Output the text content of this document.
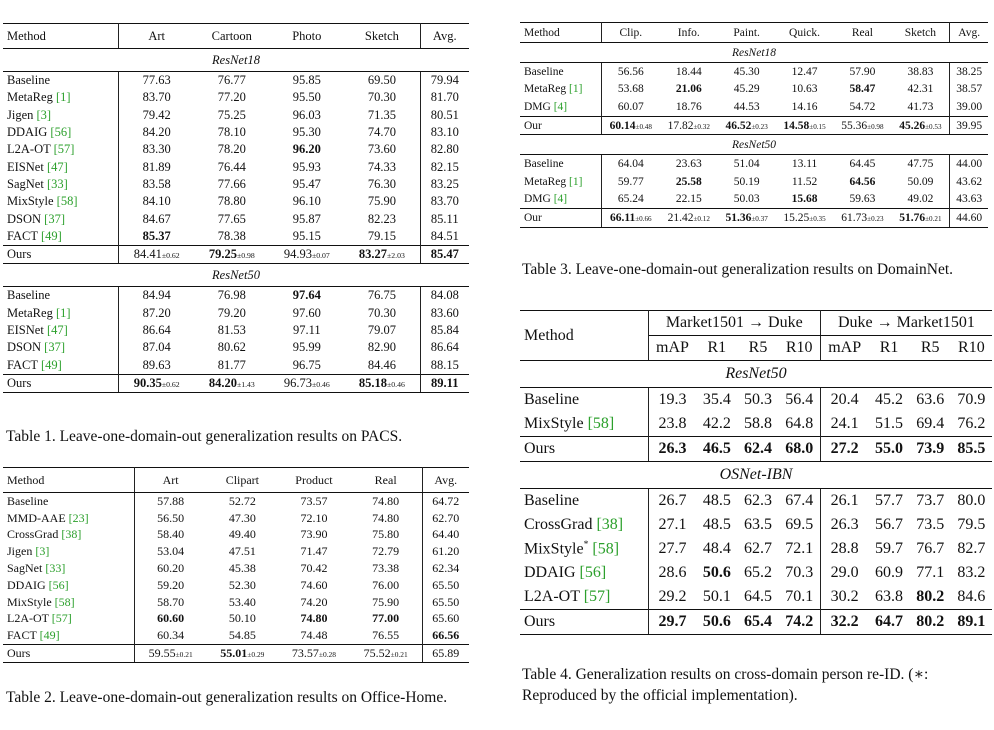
Method	Art	Cartoon	Photo	Sketch	Avg.
ResNet18					
Baseline	77.63	76.77	95.85	69.50	79.94
MetaReg [1]	83.70	77.20	95.50	70.30	81.70
Jigen [3]	79.42	75.25	96.03	71.35	80.51
DDAIG [56]	84.20	78.10	95.30	74.70	83.10
L2A-OT [57]	83.30	78.20	96.20	73.60	82.80
EISNet [47]	81.89	76.44	95.93	74.33	82.15
SagNet [33]	83.58	77.66	95.47	76.30	83.25
MixStyle [58]	84.10	78.80	96.10	75.90	83.70
DSON [37]	84.67	77.65	95.87	82.23	85.11
FACT [49]	85.37	78.38	95.15	79.15	84.51
Ours	84.41±0.62	79.25±0.98	94.93±0.07	83.27±2.03	85.47
ResNet50					
Baseline	84.94	76.98	97.64	76.75	84.08
MetaReg [1]	87.20	79.20	97.60	70.30	83.60
EISNet [47]	86.64	81.53	97.11	79.07	85.84
DSON [37]	87.04	80.62	95.99	82.90	86.64
FACT [49]	89.63	81.77	96.75	84.46	88.15
Ours	90.35±0.62	84.20±1.43	96.73±0.46	85.18±0.46	89.11

Table 1. Leave-one-domain-out generalization results on PACS.

Method	Art	Clipart	Product	Real	Avg.
Baseline	57.88	52.72	73.57	74.80	64.72
MMD-AAE [23]	56.50	47.30	72.10	74.80	62.70
CrossGrad [38]	58.40	49.40	73.90	75.80	64.40
Jigen [3]	53.04	47.51	71.47	72.79	61.20
SagNet [33]	60.20	45.38	70.42	73.38	62.34
DDAIG [56]	59.20	52.30	74.60	76.00	65.50
MixStyle [58]	58.70	53.40	74.20	75.90	65.50
L2A-OT [57]	60.60	50.10	74.80	77.00	65.60
FACT [49]	60.34	54.85	74.48	76.55	66.56
Ours	59.55±0.21	55.01±0.29	73.57±0.28	75.52±0.21	65.89

Table 2. Leave-one-domain-out generalization results on Office-Home.

Method	Clip.	Info.	Paint.	Quick.	Real	Sketch	Avg.
ResNet18							
Baseline	56.56	18.44	45.30	12.47	57.90	38.83	38.25
MetaReg [1]	53.68	21.06	45.29	10.63	58.47	42.31	38.57
DMG [4]	60.07	18.76	44.53	14.16	54.72	41.73	39.00
Our	60.14±0.48	17.82±0.32	46.52±0.23	14.58±0.15	55.36±0.98	45.26±0.53	39.95
ResNet50							
Baseline	64.04	23.63	51.04	13.11	64.45	47.75	44.00
MetaReg [1]	59.77	25.58	50.19	11.52	64.56	50.09	43.62
DMG [4]	65.24	22.15	50.03	15.68	59.63	49.02	43.63
Our	66.11±0.66	21.42±0.12	51.36±0.37	15.25±0.35	61.73±0.23	51.76±0.21	44.60

Table 3. Leave-one-domain-out generalization results on DomainNet.

Method	Market1501 → Duke				Duke → Market1501			
	mAP	R1	R5	R10	mAP	R1	R5	R10
ResNet50								
Baseline	19.3	35.4	50.3	56.4	20.4	45.2	63.6	70.9
MixStyle [58]	23.8	42.2	58.8	64.8	24.1	51.5	69.4	76.2
Ours	26.3	46.5	62.4	68.0	27.2	55.0	73.9	85.5
OSNet-IBN								
Baseline	26.7	48.5	62.3	67.4	26.1	57.7	73.7	80.0
CrossGrad [38]	27.1	48.5	63.5	69.5	26.3	56.7	73.5	79.5
MixStyle* [58]	27.7	48.4	62.7	72.1	28.8	59.7	76.7	82.7
DDAIG [56]	28.6	50.6	65.2	70.3	29.0	60.9	77.1	83.2
L2A-OT [57]	29.2	50.1	64.5	70.1	30.2	63.8	80.2	84.6
Ours	29.7	50.6	65.4	74.2	32.2	64.7	80.2	89.1

Table 4. Generalization results on cross-domain person re-ID. (∗: Reproduced by the official implementation).
